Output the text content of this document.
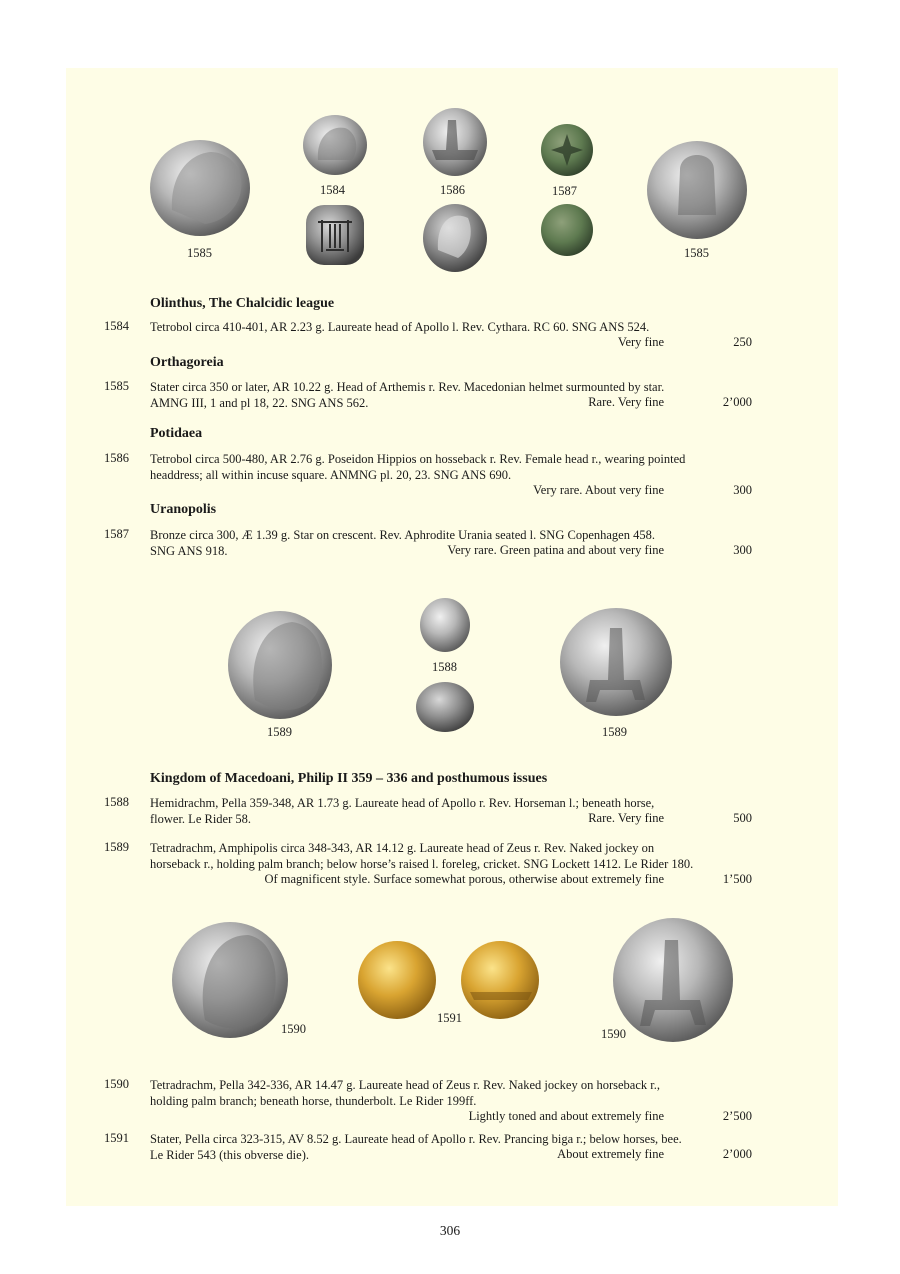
1585
1584	1586	1587
1585
1588
1589	1589
1590
1591
1590
Olinthus, The Chalcidic league
1584 Tetrobol circa 410-401, AR 2.23 g. Laureate head of Apollo l. Rev. Cythara. RC 60. SNG ANS 524.
Very fine	250
Orthagoreia
1585 Stater circa 350 or later, AR 10.22 g. Head of Arthemis r. Rev. Macedonian helmet surmounted by star.
AMNG III, 1 and pl 18, 22. SNG ANS 562.	Rare. Very fine	2’000
Potidaea
1586 Tetrobol circa 500-480, AR 2.76 g. Poseidon Hippios on hosseback r. Rev. Female head r., wearing pointed
headdress; all within incuse square. ANMNG pl. 20, 23. SNG ANS 690.
Very rare. About very fine	300
Uranopolis
1587 Bronze circa 300, Æ 1.39 g. Star on crescent. Rev. Aphrodite Urania seated l. SNG Copenhagen 458.
SNG ANS 918.	Very rare. Green patina and about very fine	300
Kingdom of Macedoani, Philip II 359 – 336 and posthumous issues
1588 Hemidrachm, Pella 359-348, AR 1.73 g. Laureate head of Apollo r. Rev. Horseman l.; beneath horse,
flower. Le Rider 58.	Rare. Very fine	500
1589 Tetradrachm, Amphipolis circa 348-343, AR 14.12 g. Laureate head of Zeus r. Rev. Naked jockey on
horseback r., holding palm branch; below horse’s raised l. foreleg, cricket. SNG Lockett 1412. Le Rider 180.
Of magnificent style. Surface somewhat porous, otherwise about extremely fine	1’500
1590 Tetradrachm, Pella 342-336, AR 14.47 g. Laureate head of Zeus r. Rev. Naked jockey on horseback r.,
holding palm branch; beneath horse, thunderbolt. Le Rider 199ff.
Lightly toned and about extremely fine	2’500
1591 Stater, Pella circa 323-315, AV 8.52 g. Laureate head of Apollo r. Rev. Prancing biga r.; below horses, bee.
Le Rider 543 (this obverse die).	About extremely fine	2’000
306
